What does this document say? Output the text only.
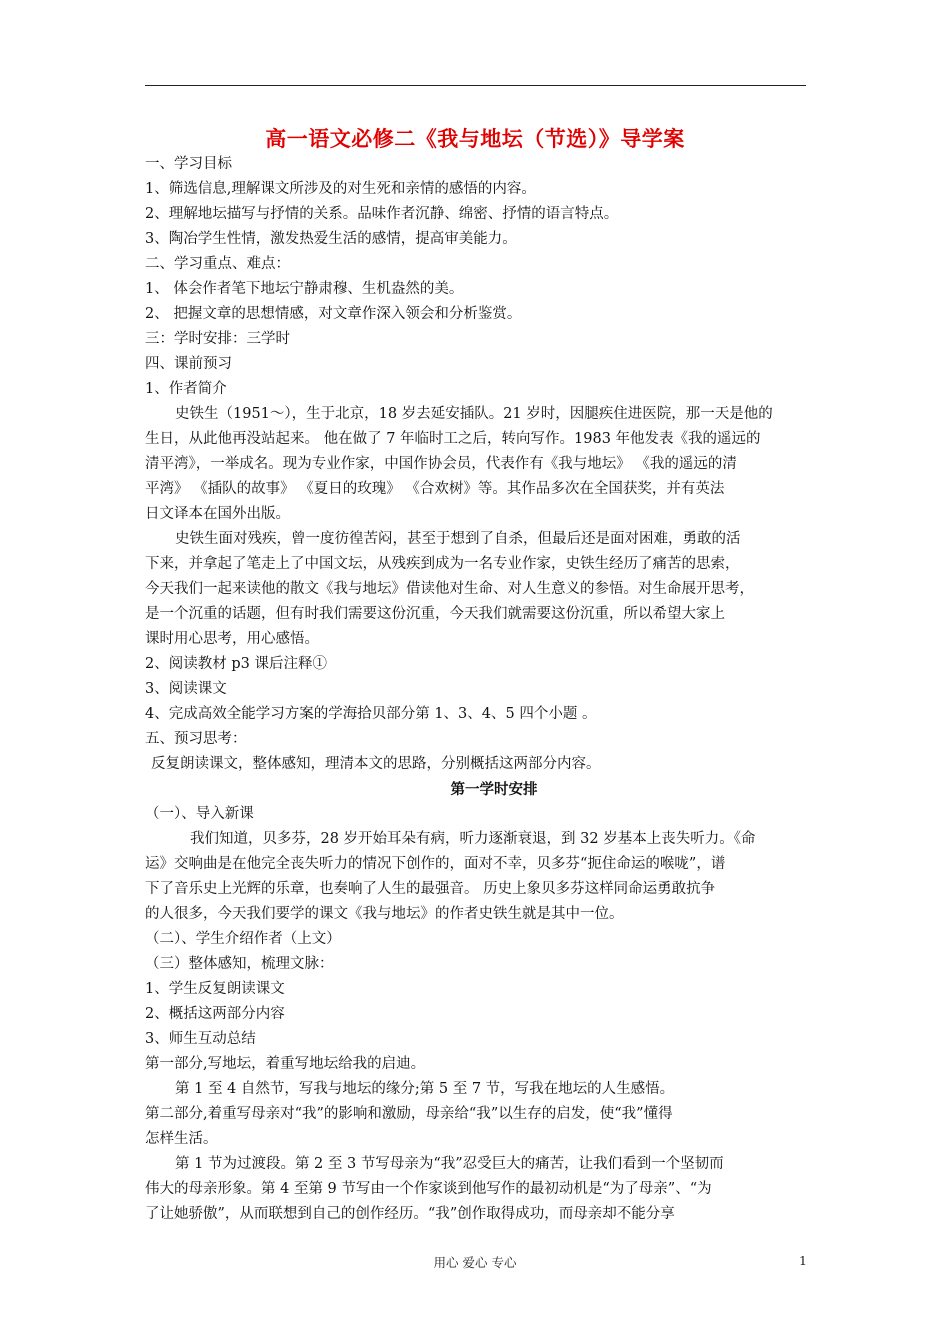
高一语文必修二《我与地坛（节选）》导学案
一、学习目标
1、筛选信息,理解课文所涉及的对生死和亲情的感悟的内容。
2、理解地坛描写与抒情的关系。品味作者沉静、绵密、抒情的语言特点。
3、陶冶学生性情，激发热爱生活的感情，提高审美能力。
二、学习重点、难点：
1、 体会作者笔下地坛宁静肃穆、生机盎然的美。
2、 把握文章的思想情感，对文章作深入领会和分析鉴赏。
三：学时安排：三学时
四、课前预习
1、作者简介
史铁生（1951～），生于北京，18 岁去延安插队。21 岁时，因腿疾住进医院，那一天是他的
生日，从此他再没站起来。 他在做了 7 年临时工之后，转向写作。1983 年他发表《我的遥远的
清平湾》，一举成名。现为专业作家，中国作协会员，代表作有《我与地坛》 《我的遥远的清
平湾》 《插队的故事》 《夏日的玫瑰》 《合欢树》等。其作品多次在全国获奖，并有英法
日文译本在国外出版。
史铁生面对残疾，曾一度彷徨苦闷，甚至于想到了自杀，但最后还是面对困难，勇敢的活
下来，并拿起了笔走上了中国文坛，从残疾到成为一名专业作家，史铁生经历了痛苦的思索，
今天我们一起来读他的散文《我与地坛》借读他对生命、对人生意义的参悟。对生命展开思考，
是一个沉重的话题，但有时我们需要这份沉重，今天我们就需要这份沉重，所以希望大家上
课时用心思考，用心感悟。
2、阅读教材 p3 课后注释①
3、阅读课文
4、完成高效全能学习方案的学海拾贝部分第 1、3、4、5 四个小题 。
五、预习思考：
反复朗读课文，整体感知，理清本文的思路，分别概括这两部分内容。
第一学时安排
（一）、导入新课
我们知道，贝多芬，28 岁开始耳朵有病，听力逐渐衰退，到 32 岁基本上丧失听力。《命
运》交响曲是在他完全丧失听力的情况下创作的，面对不幸，贝多芬“扼住命运的喉咙”，谱
下了音乐史上光辉的乐章，也奏响了人生的最强音。 历史上象贝多芬这样同命运勇敢抗争
的人很多，今天我们要学的课文《我与地坛》的作者史铁生就是其中一位。
（二）、学生介绍作者（上文）
（三）整体感知，梳理文脉：
1、学生反复朗读课文
2、概括这两部分内容
3、师生互动总结
第一部分,写地坛，着重写地坛给我的启迪。
第 1 至 4 自然节，写我与地坛的缘分;第 5 至 7 节，写我在地坛的人生感悟。
第二部分,着重写母亲对“我”的影响和激励，母亲给“我”以生存的启发，使“我”懂得
怎样生活。
第 1 节为过渡段。第 2 至 3 节写母亲为“我”忍受巨大的痛苦，让我们看到一个坚韧而
伟大的母亲形象。第 4 至第 9 节写由一个作家谈到他写作的最初动机是“为了母亲”、“为
了让她骄傲”，从而联想到自己的创作经历。“我”创作取得成功，而母亲却不能分享
用心 爱心 专心	1
